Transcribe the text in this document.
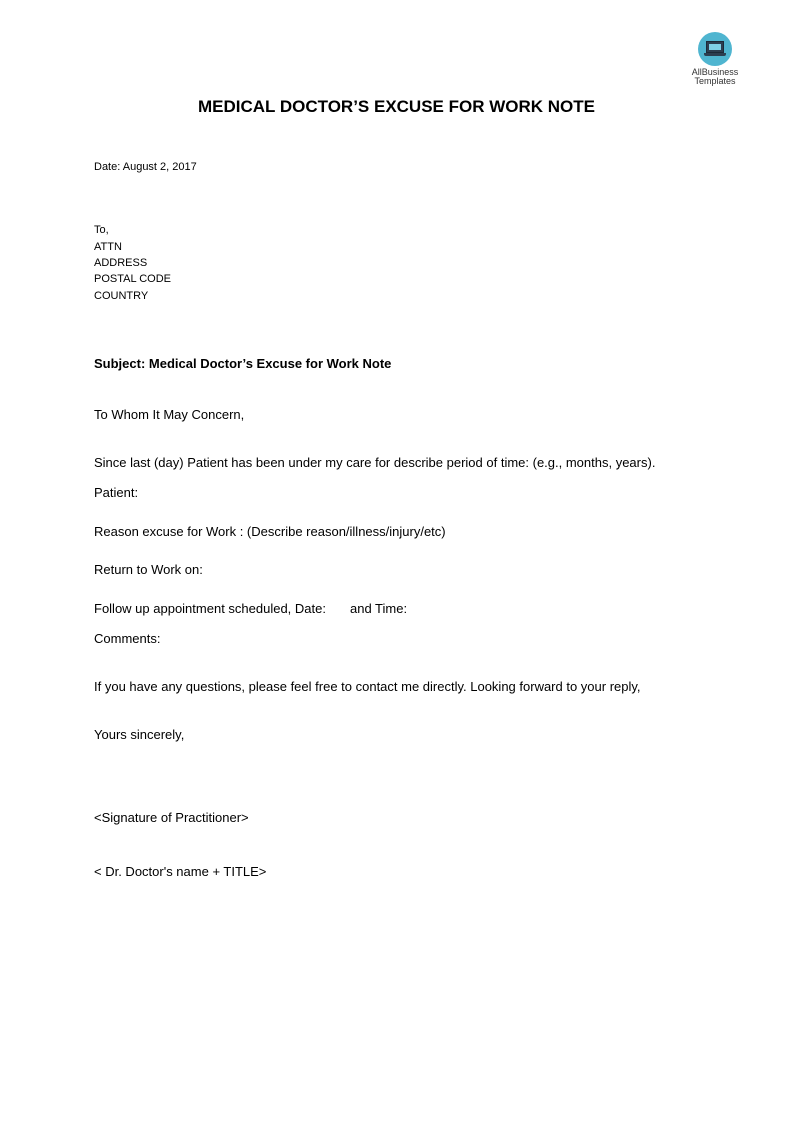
AllBusiness
Templates
MEDICAL DOCTOR’S EXCUSE FOR WORK NOTE
Date: August 2, 2017
To,
ATTN
ADDRESS
POSTAL CODE
COUNTRY
Subject: Medical Doctor’s Excuse for Work Note
To Whom It May Concern,
Since last (day) Patient has been under my care for describe period of time: (e.g., months, years).
Patient:
Reason excuse for Work : (Describe reason/illness/injury/etc)
Return to Work on:
Follow up appointment scheduled, Date: and Time:
Comments:
If you have any questions, please feel free to contact me directly. Looking forward to your reply,
Yours sincerely,
<Signature of Practitioner>
< Dr. Doctor's name + TITLE>
